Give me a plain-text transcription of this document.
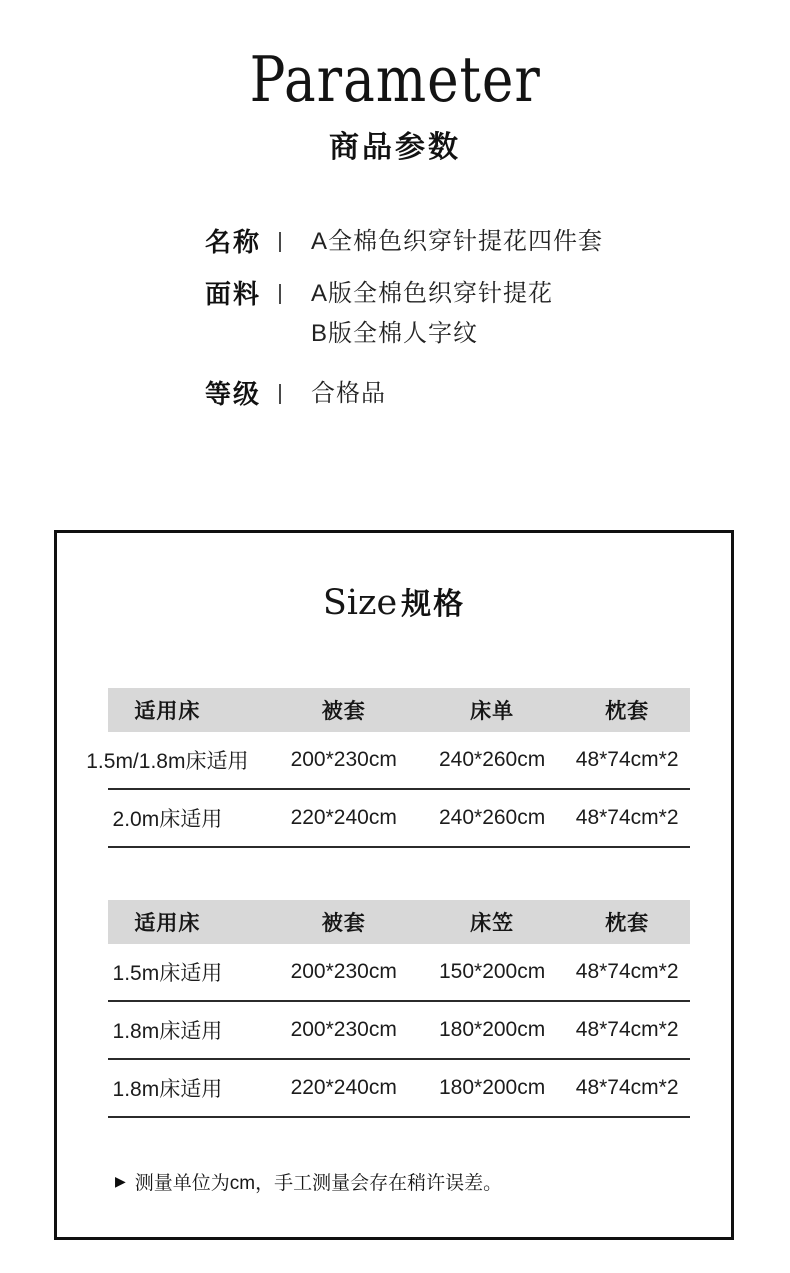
Parameter
商品参数
名称 A全棉色织穿针提花四件套
面料 A版全棉色织穿针提花
B版全棉人字纹
等级 合格品
Size 规格
适用床	被套	床单	枕套
1.5m/1.8m床适用 200*230cm 240*260cm 48*74cm*2
2.0m床适用	220*240cm 240*260cm 48*74cm*2
适用床	被套	床笠	枕套
1.5m床适用	200*230cm 150*200cm 48*74cm*2
1.8m床适用	200*230cm 180*200cm 48*74cm*2
1.8m床适用	220*240cm 180*200cm 48*74cm*2
▶ 测量单位为cm，手工测量会存在稍许误差。
